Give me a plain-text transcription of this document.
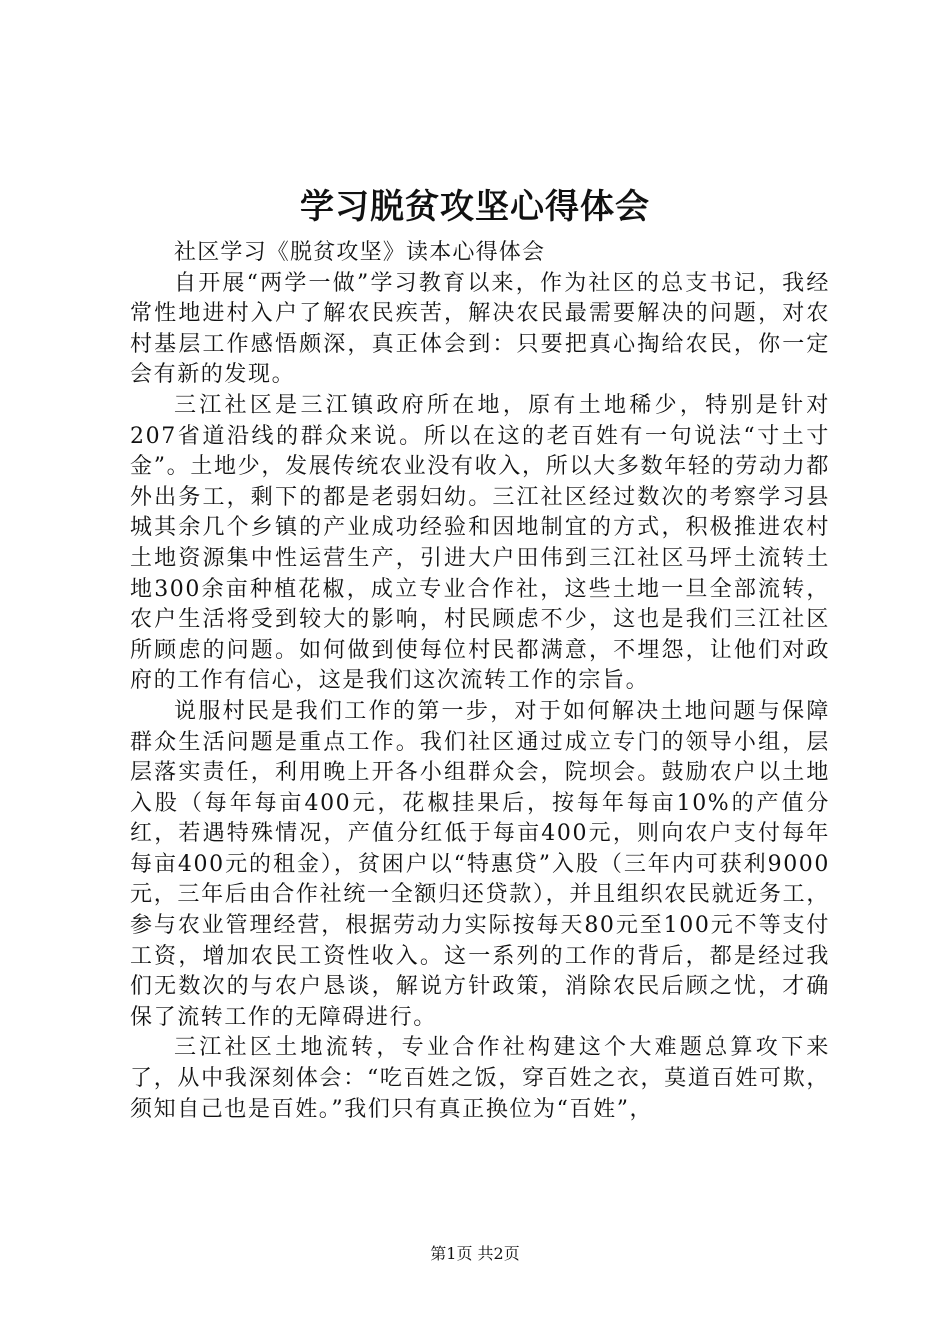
学习脱贫攻坚心得体会

社区学习《脱贫攻坚》读本心得体会

自开展“两学一做”学习教育以来，作为社区的总支书记，我经常性地进村入户了解农民疾苦，解决农民最需要解决的问题，对农村基层工作感悟颇深，真正体会到：只要把真心掏给农民，你一定会有新的发现。

三江社区是三江镇政府所在地，原有土地稀少，特别是针对207省道沿线的群众来说。所以在这的老百姓有一句说法“寸土寸金”。土地少，发展传统农业没有收入，所以大多数年轻的劳动力都外出务工，剩下的都是老弱妇幼。三江社区经过数次的考察学习县城其余几个乡镇的产业成功经验和因地制宜的方式，积极推进农村土地资源集中性运营生产，引进大户田伟到三江社区马坪土流转土地300余亩种植花椒，成立专业合作社，这些土地一旦全部流转，农户生活将受到较大的影响，村民顾虑不少，这也是我们三江社区所顾虑的问题。如何做到使每位村民都满意，不埋怨，让他们对政府的工作有信心，这是我们这次流转工作的宗旨。

说服村民是我们工作的第一步，对于如何解决土地问题与保障群众生活问题是重点工作。我们社区通过成立专门的领导小组，层层落实责任，利用晚上开各小组群众会，院坝会。鼓励农户以土地入股（每年每亩400元，花椒挂果后，按每年每亩10%的产值分红，若遇特殊情况，产值分红低于每亩400元，则向农户支付每年每亩400元的租金），贫困户以“特惠贷”入股（三年内可获利9000元，三年后由合作社统一全额归还贷款），并且组织农民就近务工，参与农业管理经营，根据劳动力实际按每天80元至100元不等支付工资，增加农民工资性收入。这一系列的工作的背后，都是经过我们无数次的与农户恳谈，解说方针政策，消除农民后顾之忧，才确保了流转工作的无障碍进行。

三江社区土地流转，专业合作社构建这个大难题总算攻下来了，从中我深刻体会：“吃百姓之饭，穿百姓之衣，莫道百姓可欺，须知自己也是百姓。”我们只有真正换位为“百姓”，

第1页 共2页
